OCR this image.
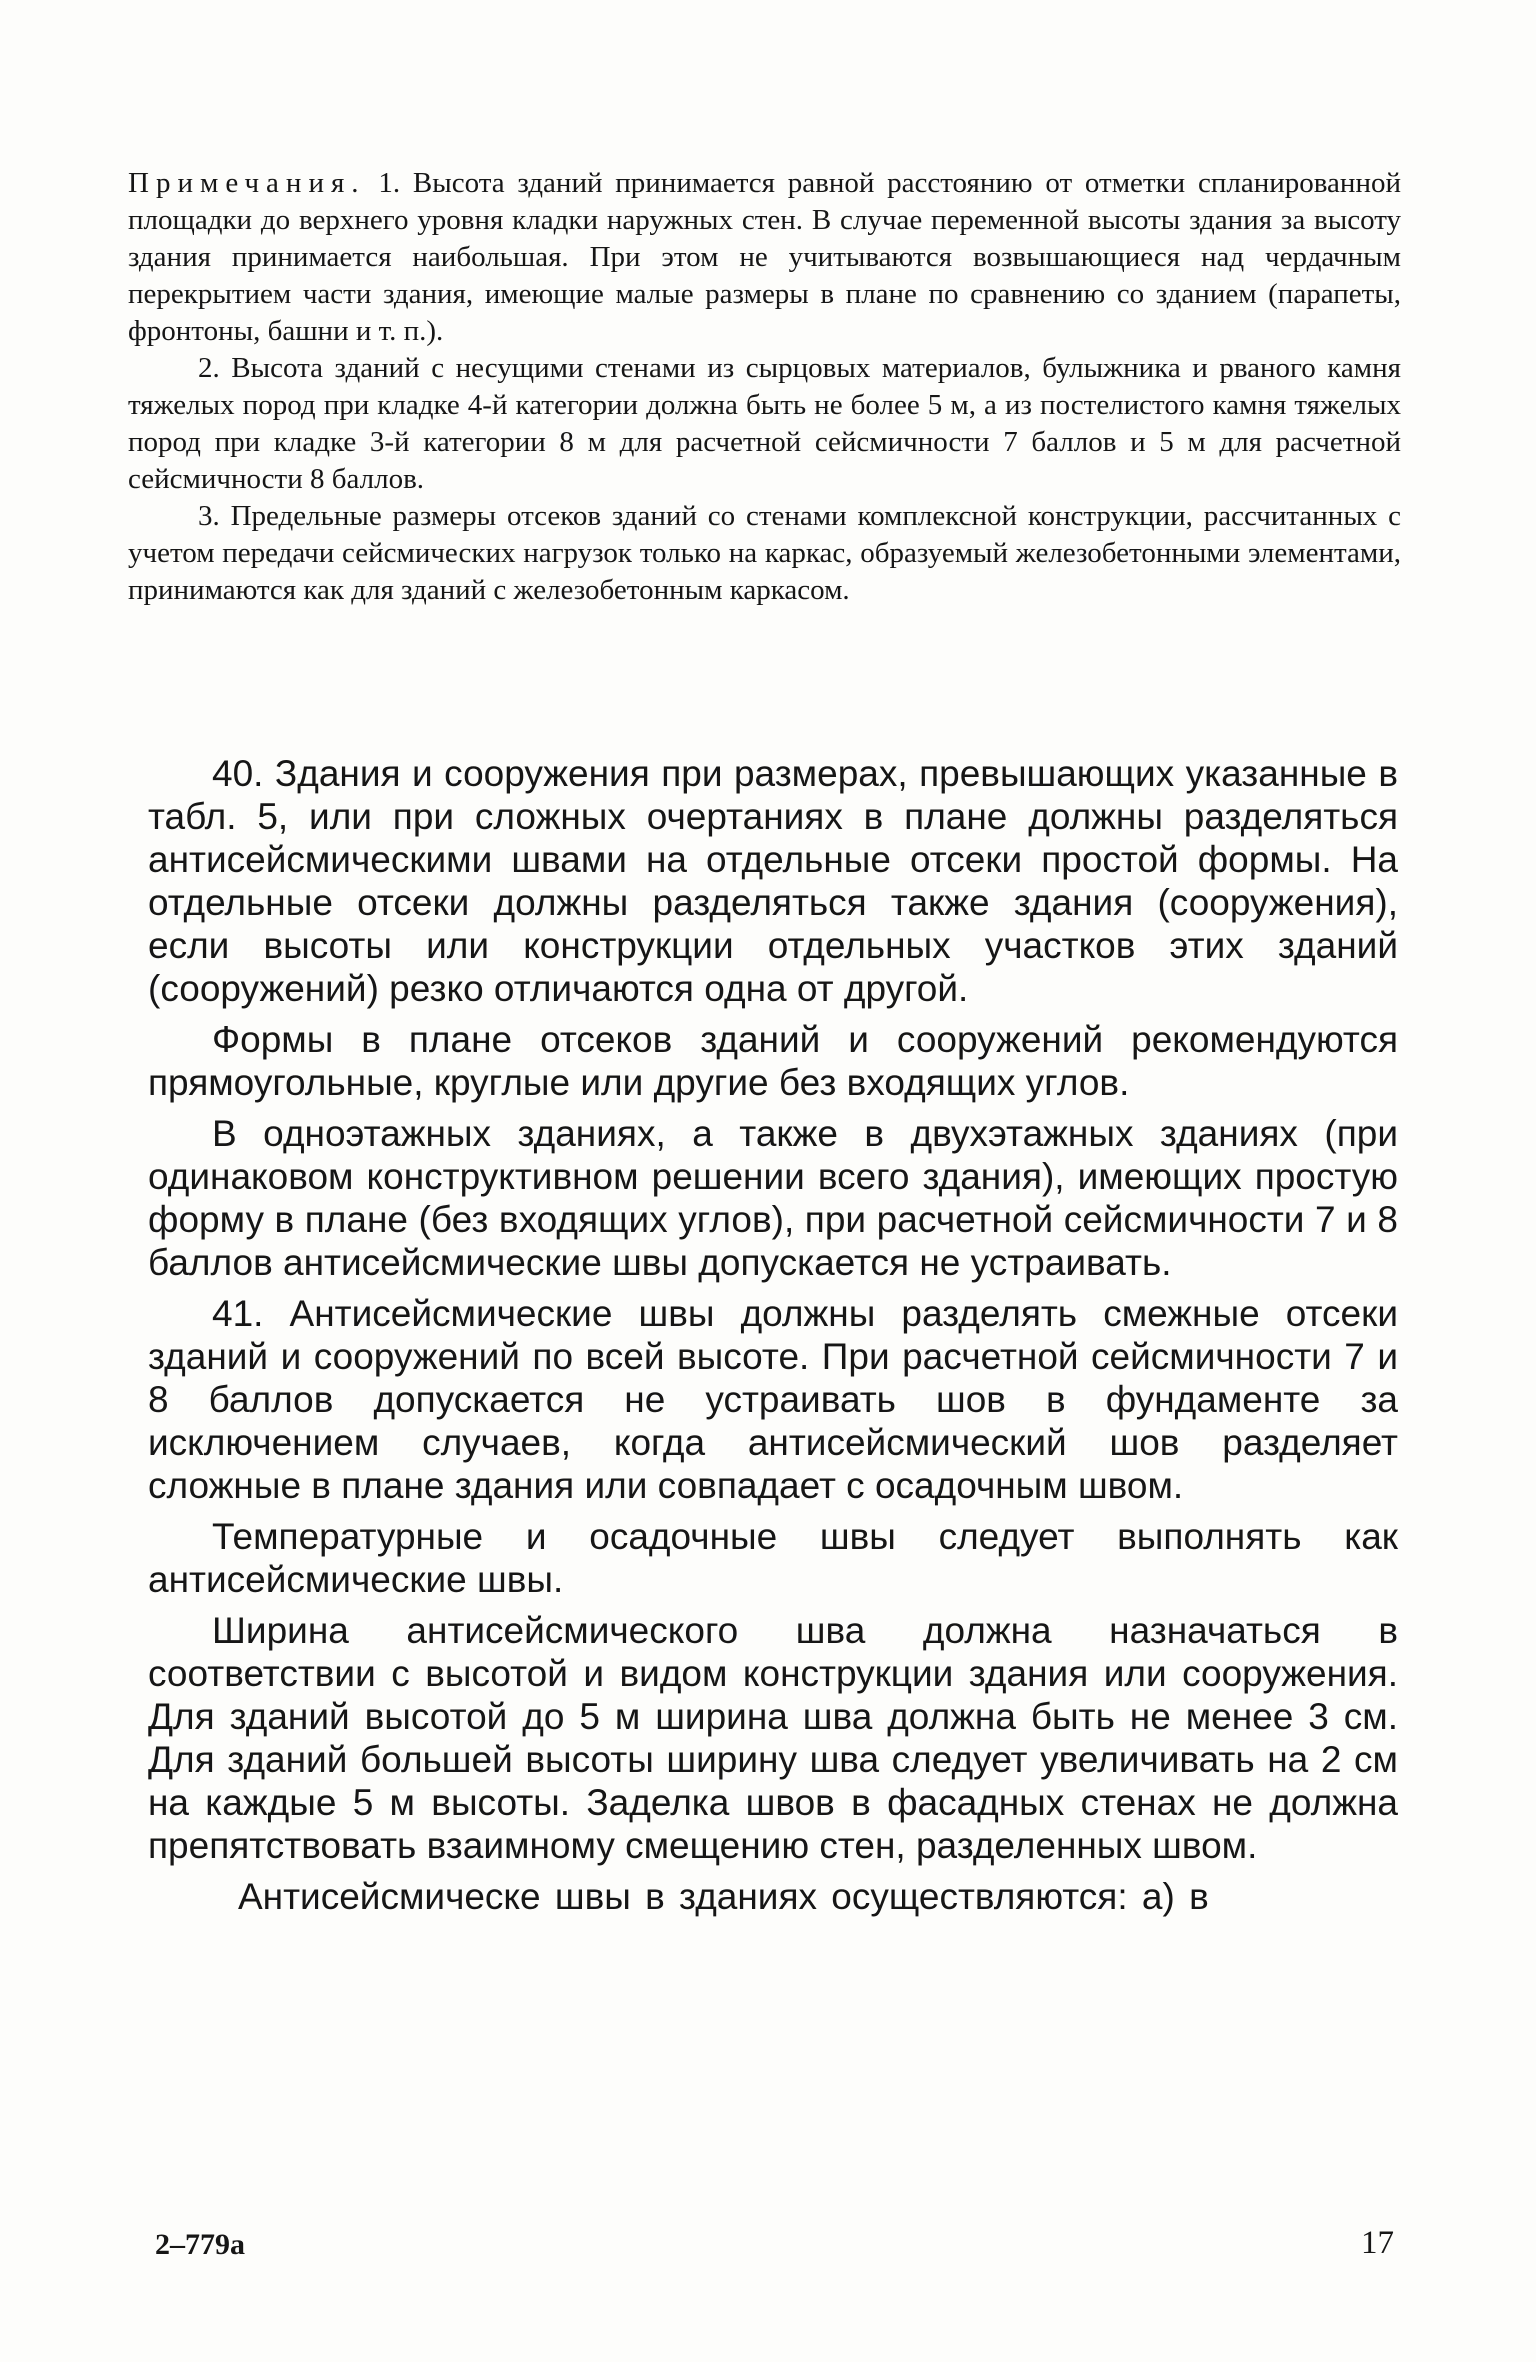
Примечания. 1. Высота зданий принимается равной расстоянию от отметки спланированной площадки до верхнего уровня кладки наружных стен. В случае переменной высоты здания за высоту здания принимается наибольшая. При этом не учитываются возвышающиеся над чердачным перекрытием части здания, имеющие малые размеры в плане по сравнению со зданием (парапеты, фронтоны, башни и т. п.).

2. Высота зданий с несущими стенами из сырцовых материалов, булыжника и рваного камня тяжелых пород при кладке 4-й категории должна быть не более 5 м, а из постелистого камня тяжелых пород при кладке 3-й категории 8 м для расчетной сейсмичности 7 баллов и 5 м для расчетной сейсмичности 8 баллов.

3. Предельные размеры отсеков зданий со стенами комплексной конструкции, рассчитанных с учетом передачи сейсмических нагрузок только на каркас, образуемый железобетонными элементами, принимаются как для зданий с железобетонным каркасом.

40. Здания и сооружения при размерах, превышающих указанные в табл. 5, или при сложных очертаниях в плане должны разделяться антисейсмическими швами на отдельные отсеки простой формы. На отдельные отсеки должны разделяться также здания (сооружения), если высоты или конструкции отдельных участков этих зданий (сооружений) резко отличаются одна от другой.

Формы в плане отсеков зданий и сооружений рекомендуются прямоугольные, круглые или другие без входящих углов.

В одноэтажных зданиях, а также в двухэтажных зданиях (при одинаковом конструктивном решении всего здания), имеющих простую форму в плане (без входящих углов), при расчетной сейсмичности 7 и 8 баллов антисейсмические швы допускается не устраивать.

41. Антисейсмические швы должны разделять смежные отсеки зданий и сооружений по всей высоте. При расчетной сейсмичности 7 и 8 баллов допускается не устраивать шов в фундаменте за исключением случаев, когда антисейсмический шов разделяет сложные в плане здания или совпадает с осадочным швом.

Температурные и осадочные швы следует выполнять как антисейсмические швы.

Ширина антисейсмического шва должна назначаться в соответствии с высотой и видом конструкции здания или сооружения. Для зданий высотой до 5 м ширина шва должна быть не менее 3 см. Для зданий большей высоты ширину шва следует увеличивать на 2 см на каждые 5 м высоты. Заделка швов в фасадных стенах не должна препятствовать взаимному смещению стен, разделенных швом.

Антисейсмическе швы в зданиях осуществляются: а) в

2–779а	17
